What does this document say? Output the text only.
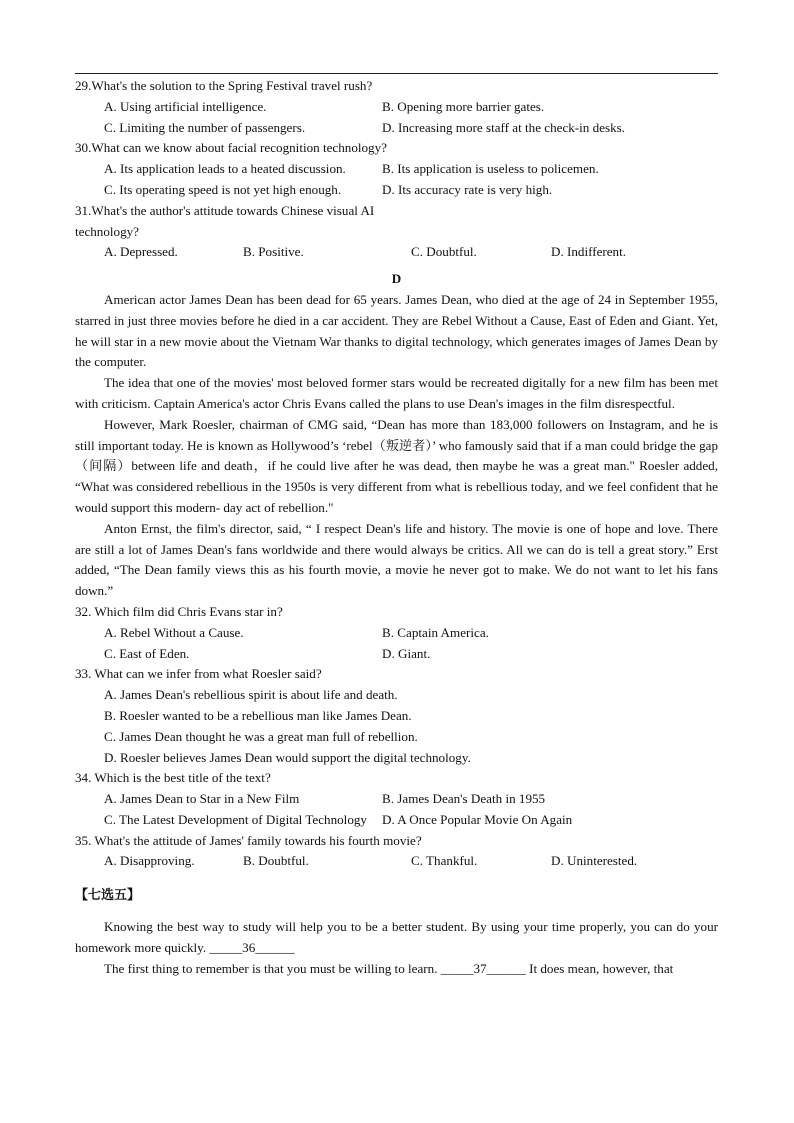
29.What's the solution to the Spring Festival travel rush?
A. Using artificial intelligence.	B. Opening more barrier gates.
C. Limiting the number of passengers.	D. Increasing more staff at the check-in desks.
30.What can we know about facial recognition technology?
A. Its application leads to a heated discussion.	B. Its application is useless to policemen.
C. Its operating speed is not yet high enough.	D. Its accuracy rate is very high.
31.What's the author's attitude towards Chinese visual AI
technology?
A. Depressed.	B. Positive.	C. Doubtful.	D. Indifferent.
D

American actor James Dean has been dead for 65 years. James Dean, who died at the age of 24 in September 1955, starred in just three movies before he died in a car accident. They are Rebel Without a Cause, East of Eden and Giant. Yet, he will star in a new movie about the Vietnam War thanks to digital technology, which generates images of James Dean by the computer.

The idea that one of the movies' most beloved former stars would be recreated digitally for a new film has been met with criticism. Captain America's actor Chris Evans called the plans to use Dean's images in the film disrespectful.

However, Mark Roesler, chairman of CMG said, “Dean has more than 183,000 followers on Instagram, and he is still important today. He is known as Hollywood’s ‘rebel（叛逆者）’ who famously said that if a man could bridge the gap（间隔）between life and death，if he could live after he was dead, then maybe he was a great man." Roesler added, “What was considered rebellious in the 1950s is very different from what is rebellious today, and we feel confident that he would support this modern- day act of rebellion."

Anton Ernst, the film's director, said, “ I respect Dean's life and history. The movie is one of hope and love. There are still a lot of James Dean's fans worldwide and there would always be critics. All we can do is tell a great story.” Erst added, “The Dean family views this as his fourth movie, a movie he never got to make. We do not want to let his fans down.”

32. Which film did Chris Evans star in?
A. Rebel Without a Cause.	B. Captain America.
C. East of Eden.	D. Giant.
33. What can we infer from what Roesler said?
A. James Dean's rebellious spirit is about life and death.
B. Roesler wanted to be a rebellious man like James Dean.
C. James Dean thought he was a great man full of rebellion.
D. Roesler believes James Dean would support the digital technology.
34. Which is the best title of the text?
A. James Dean to Star in a New Film	B. James Dean's Death in 1955
C. The Latest Development of Digital Technology	D. A Once Popular Movie On Again
35. What's the attitude of James' family towards his fourth movie?
A. Disapproving.	B. Doubtful.	C. Thankful.	D. Uninterested.
【七选五】

Knowing the best way to study will help you to be a better student. By using your time properly, you can do your homework more quickly. _____36______

The first thing to remember is that you must be willing to learn. _____37______ It does mean, however, that
